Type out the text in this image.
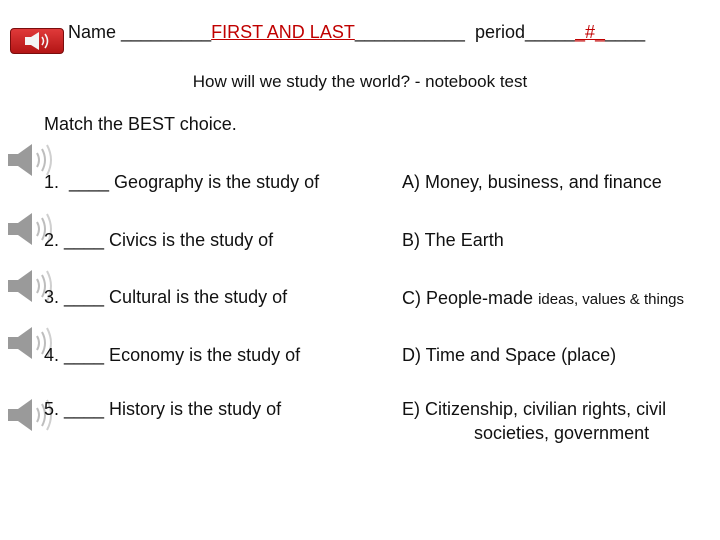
Name _________FIRST AND LAST___________  period______#_____
How will we study the world? - notebook test
Match the BEST choice.
1.  ____ Geography is the study of
2. ____ Civics is the study of
3. ____ Cultural is the study of
4. ____ Economy is the study of
5. ____ History is the study of
A) Money, business, and finance
B) The Earth
C) People-made ideas, values & things
D) Time and Space (place)
E) Citizenship, civilian rights, civil
societies, government
